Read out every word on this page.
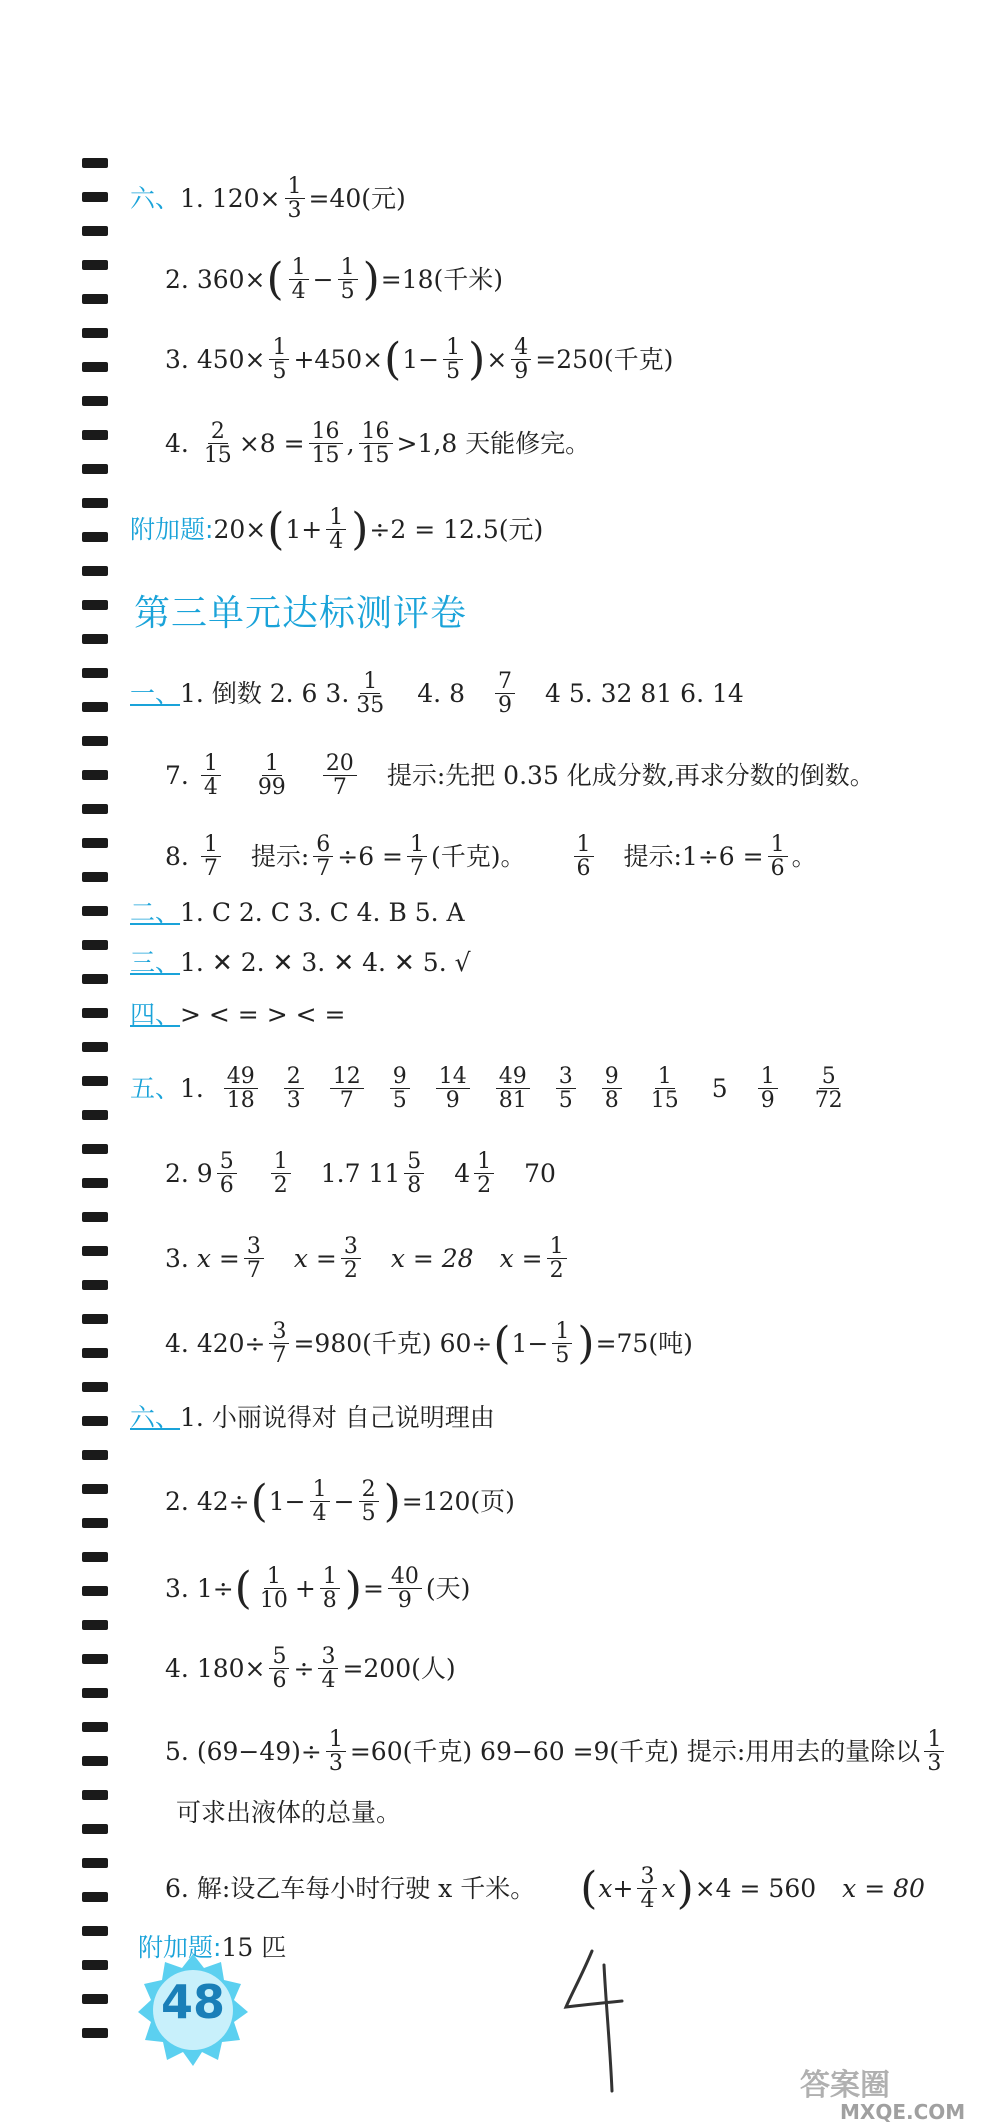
六、 1.
$120\times \frac{1}{3} =40$(元)
2.
360× ( $\frac{1}{4} - \frac{1}{5}$ ) =18(千米)
3.
$450\times \frac{1}{5} +450\times$ ( $1- \frac{1}{5}$ ) × $\frac{4}{9} =250$(千克)
4.
$\frac{2}{15} \times 8 = \frac{16}{15}$ , $\frac{16}{15} >1,8$ 天能修完。
附加题: 20× ( $1+ \frac{1}{4}$ ) ÷2 = 12.5(元)
第三单元达标测评卷
一、 1. 倒数 2. 6 3. $\frac{1}{35} 4$. $8 \frac{7}{9} 4$ 5. 32 81 6. 14
7.
$\frac{1}{4} \frac{1}{99} \frac{20}{7}$ 提示:先把 0.35 化成分数,再求分数的倒数。
8.
$\frac{1}{7}$ 提示: $\frac{6}{7} \div 6 = \frac{1}{7}$ (千克)。 $\frac{1}{6}$ 提示:1÷6 = $\frac{1}{6}$ 。
二、 1. C 2. C 3. C 4. B 5. A
三、 1. ✕ 2. ✕ 3. ✕ 4. ✕ 5. √
四、 > < = > < =
五、 1.
$\frac{49}{18} \frac{2}{3} \frac{12}{7} \frac{9}{5} \frac{14}{9} \frac{49}{81} \frac{3}{5} \frac{9}{8} \frac{1}{15} 5 \frac{1}{9} \frac{5}{72}$
2. $9 \frac{5}{6} \frac{1}{2} 1.7$ $11 \frac{5}{8} 4 \frac{1}{2} 70$
3.
$x = \frac{3}{7}$ $x = \frac{3}{2}$ x = 28 $x = \frac{1}{2}$
4.
$420\div \frac{3}{7} =980$(千克) 60÷ ( $1- \frac{1}{5}$ ) =75(吨)
六、 1.
小丽说得对 自己说明理由
2.
42÷ ( $1- \frac{1}{4} - \frac{2}{5}$ ) =120(页)
3.
1÷ ( $\frac{1}{10} + \frac{1}{8}$ ) = $\frac{40}{9}$ (天)
4.
$180\times \frac{5}{6} \div \frac{3}{4} =200$(人)
5.
$(69-49)\div \frac{1}{3} =60$(千克) 69−60 =9(千克) 提示:用用去的量除以 $\frac{1}{3}$
可求出液体的总量。
6.
解:设乙车每小时行驶 x 千米。 ( $x+ \frac{3}{4}$ x ) ×4 = 560 x = 80
附加题: 15 匹
48
答案圈
MXQE.COM
